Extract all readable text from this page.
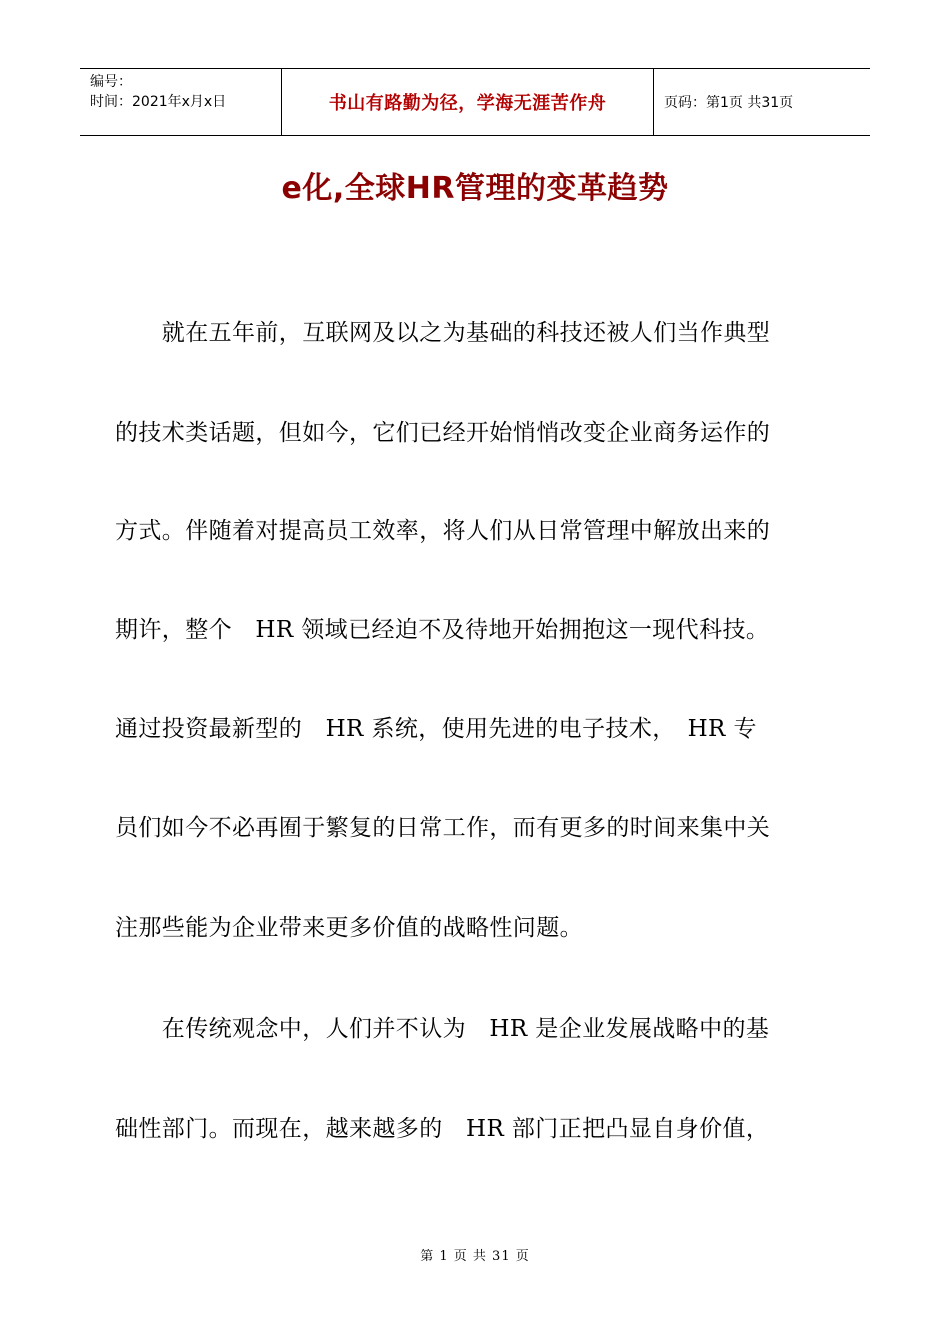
编号：
时间：2021年x月x日	书山有路勤为径，学海无涯苦作舟	页码：第1页 共31页
e化,全球HR管理的变革趋势
　　就在五年前，互联网及以之为基础的科技还被人们当作典型
的技术类话题，但如今，它们已经开始悄悄改变企业商务运作的
方式。伴随着对提高员工效率，将人们从日常管理中解放出来的
期许，整个　HR 领域已经迫不及待地开始拥抱这一现代科技。
通过投资最新型的　HR 系统，使用先进的电子技术，　HR 专
员们如今不必再囿于繁复的日常工作，而有更多的时间来集中关
注那些能为企业带来更多价值的战略性问题。
　　在传统观念中，人们并不认为　HR 是企业发展战略中的基
础性部门。而现在，越来越多的　HR 部门正把凸显自身价值，
第 1 页 共 31 页
